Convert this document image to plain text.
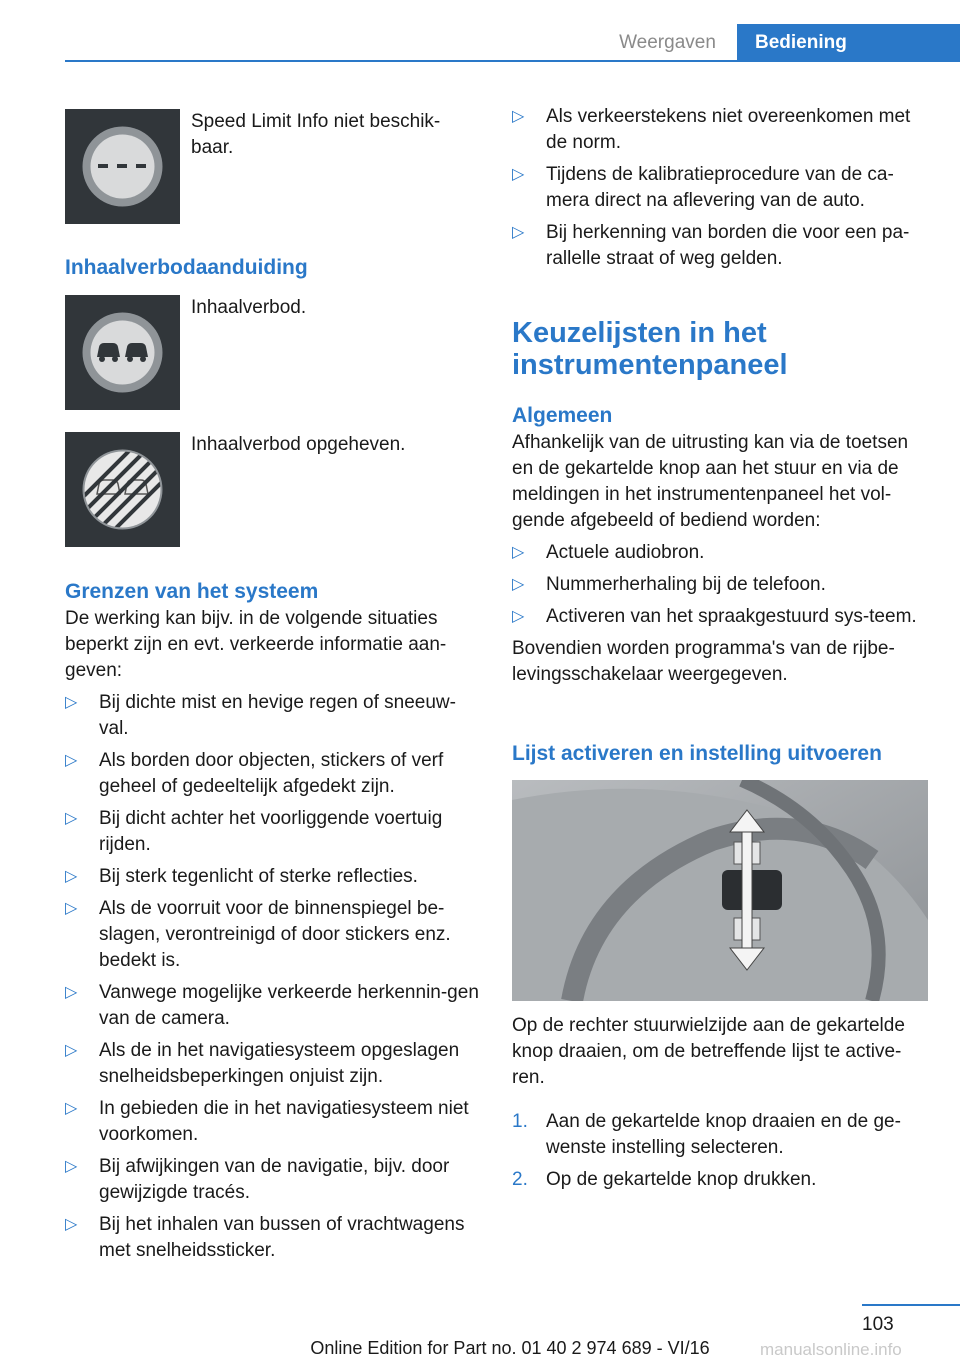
Weergaven	Bediening
Speed Limit Info niet beschik-baar.
Inhaalverbodaanduiding
Inhaalverbod.
Inhaalverbod opgeheven.
Grenzen van het systeem

De werking kan bijv. in de volgende situaties beperkt zijn en evt. verkeerde informatie aan-geven:

▷ Bij dichte mist en hevige regen of sneeuw-val.
▷ Als borden door objecten, stickers of verf geheel of gedeeltelijk afgedekt zijn.
▷ Bij dicht achter het voorliggende voertuig rijden.
▷ Bij sterk tegenlicht of sterke reflecties.
▷ Als de voorruit voor de binnenspiegel be-slagen, verontreinigd of door stickers enz. bedekt is.
▷ Vanwege mogelijke verkeerde herkennin-gen van de camera.
▷ Als de in het navigatiesysteem opgeslagen snelheidsbeperkingen onjuist zijn.
▷ In gebieden die in het navigatiesysteem niet voorkomen.
▷ Bij afwijkingen van de navigatie, bijv. door gewijzigde tracés.
▷ Bij het inhalen van bussen of vrachtwagens met snelheidssticker.
▷ Als verkeerstekens niet overeenkomen met de norm.
▷ Tijdens de kalibratieprocedure van de ca-mera direct na aflevering van de auto.
▷ Bij herkenning van borden die voor een pa-rallelle straat of weg gelden.
Keuzelijsten in het
instrumentenpaneel
Algemeen

Afhankelijk van de uitrusting kan via de toetsen en de gekartelde knop aan het stuur en via de meldingen in het instrumentenpaneel het vol-gende afgebeeld of bediend worden:

▷ Actuele audiobron.
▷ Nummerherhaling bij de telefoon.
▷ Activeren van het spraakgestuurd sys-teem.

Bovendien worden programma's van de rijbe-levingsschakelaar weergegeven.

Lijst activeren en instelling uitvoeren

Op de rechter stuurwielzijde aan de gekartelde knop draaien, om de betreffende lijst te active-ren.

1. Aan de gekartelde knop draaien en de ge-wenste instelling selecteren.
2. Op de gekartelde knop drukken.
103
Online Edition for Part no. 01 40 2 974 689 - VI/16	manualsonline.info
